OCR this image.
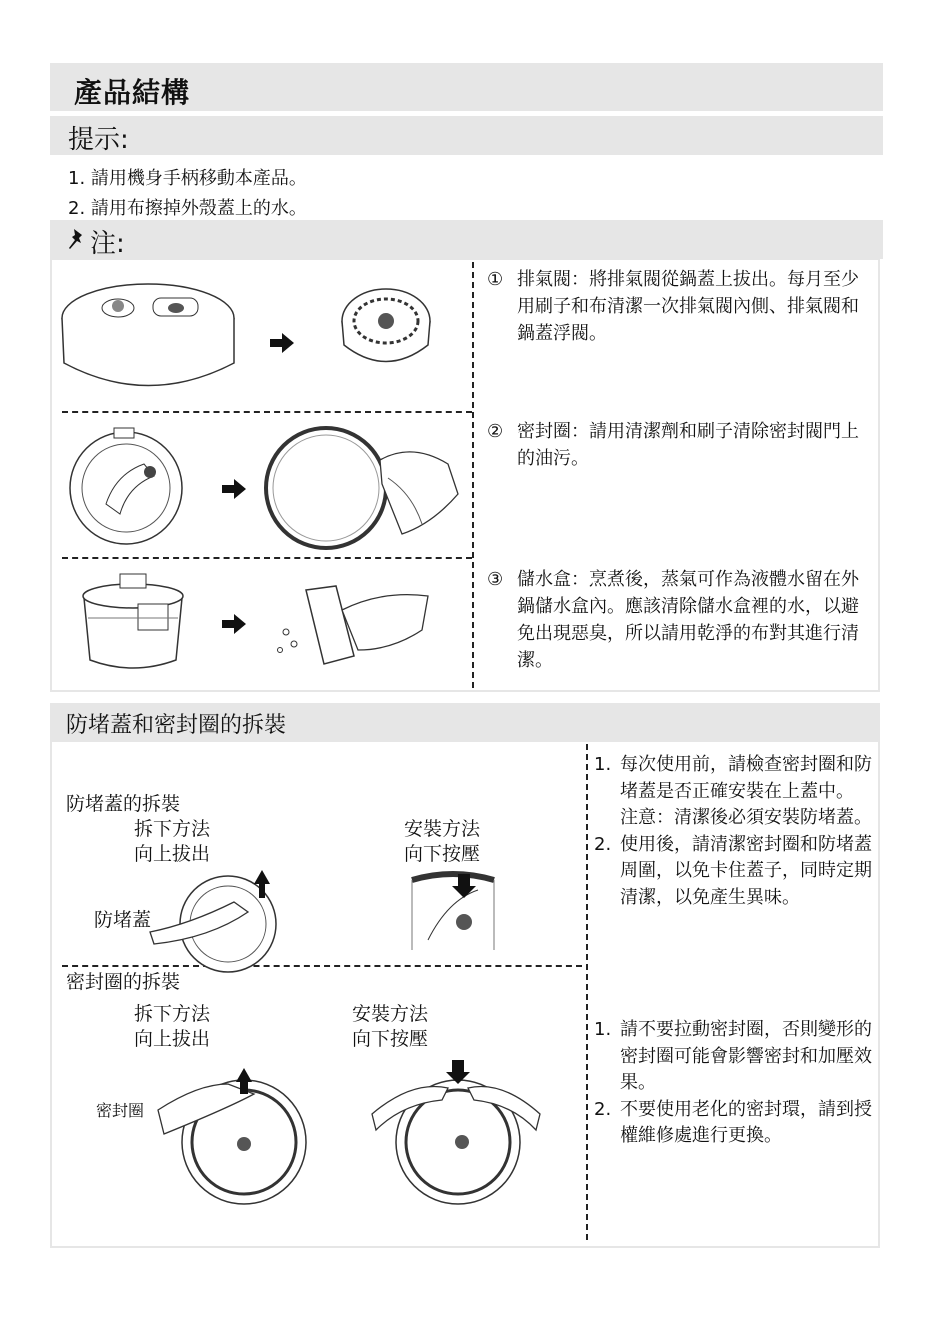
產品結構
提示:
1. 請用機身手柄移動本產品。
2. 請用布擦掉外殼蓋上的水。
注:
① 排氣閥：將排氣閥從鍋蓋上拔出。每月至少用刷子和布清潔一次排氣閥內側、排氣閥和鍋蓋浮閥。
② 密封圈：請用清潔劑和刷子清除密封閥門上的油污。
③ 儲水盒：烹煮後，蒸氣可作為液體水留在外鍋儲水盒內。應該清除儲水盒裡的水，以避免出現惡臭，所以請用乾淨的布對其進行清潔。
防堵蓋和密封圈的拆裝
防堵蓋的拆裝
拆下方法
向上拔出
安裝方法
向下按壓
防堵蓋
密封圈的拆裝
拆下方法
向上拔出
安裝方法
向下按壓
密封圈
1. 每次使用前，請檢查密封圈和防堵蓋是否正確安裝在上蓋中。
注意：清潔後必須安裝防堵蓋。
2. 使用後，請清潔密封圈和防堵蓋周圍，以免卡住蓋子，同時定期清潔，以免產生異味。
1. 請不要拉動密封圈，否則變形的密封圈可能會影響密封和加壓效果。
2. 不要使用老化的密封環，請到授權維修處進行更換。
